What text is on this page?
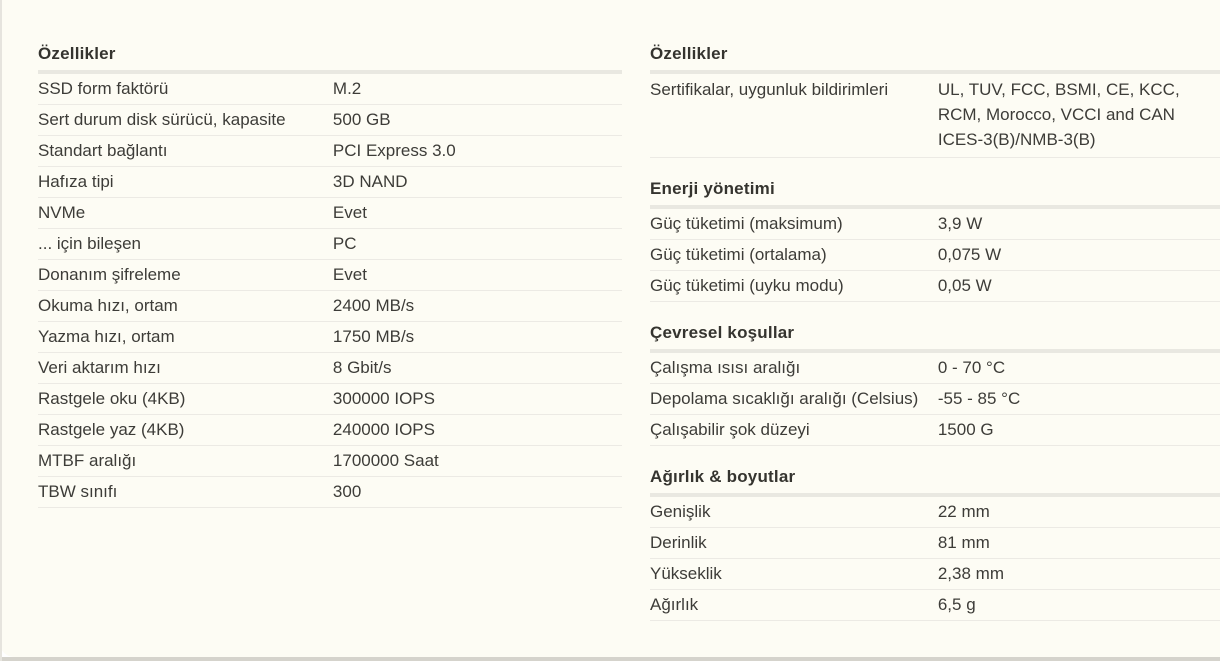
Özellikler
SSD form faktörü	M.2
Sert durum disk sürücü, kapasite	500 GB
Standart bağlantı	PCI Express 3.0
Hafıza tipi	3D NAND
NVMe	Evet
... için bileşen	PC
Donanım şifreleme	Evet
Okuma hızı, ortam	2400 MB/s
Yazma hızı, ortam	1750 MB/s
Veri aktarım hızı	8 Gbit/s
Rastgele oku (4KB)	300000 IOPS
Rastgele yaz (4KB)	240000 IOPS
MTBF aralığı	1700000 Saat
TBW sınıfı	300
Özellikler
Sertifikalar, uygunluk bildirimleri	UL, TUV, FCC, BSMI, CE, KCC, RCM, Morocco, VCCI and CAN ICES-3(B)/NMB-3(B)
Enerji yönetimi
Güç tüketimi (maksimum)	3,9 W
Güç tüketimi (ortalama)	0,075 W
Güç tüketimi (uyku modu)	0,05 W
Çevresel koşullar
Çalışma ısısı aralığı	0 - 70 °C
Depolama sıcaklığı aralığı (Celsius)	-55 - 85 °C
Çalışabilir şok düzeyi	1500 G
Ağırlık & boyutlar
Genişlik	22 mm
Derinlik	81 mm
Yükseklik	2,38 mm
Ağırlık	6,5 g
